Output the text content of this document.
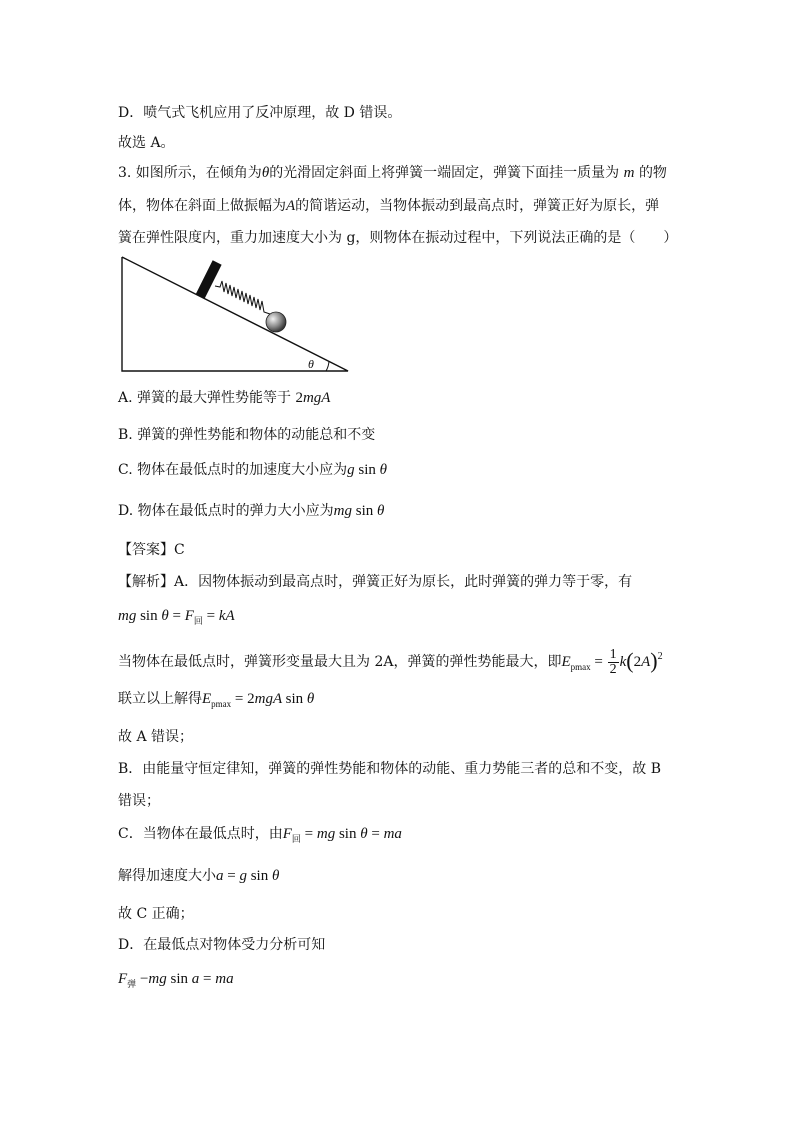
D．喷气式飞机应用了反冲原理，故 D 错误。
故选 A。
3. 如图所示，在倾角为θ的光滑固定斜面上将弹簧一端固定，弹簧下面挂一质量为 m 的物
体，物体在斜面上做振幅为A的简谐运动，当物体振动到最高点时，弹簧正好为原长，弹
簧在弹性限度内，重力加速度大小为 g，则物体在振动过程中，下列说法正确的是（　　）
θ
A. 弹簧的最大弹性势能等于 2mgA
B. 弹簧的弹性势能和物体的动能总和不变
C. 物体在最低点时的加速度大小应为g sin θ
D. 物体在最低点时的弹力大小应为mg sin θ
【答案】C
【解析】A．因物体振动到最高点时，弹簧正好为原长，此时弹簧的弹力等于零，有
mg $\sin \theta = F_回$ = kA
当物体在最低点时，弹簧形变量最大且为 2A，弹簧的弹性势能最大，即$E_{pmax} = \frac{1}{2} k(2A)^2$
联立以上解得$E_{pmax} = 2mgA$ sin θ
故 A 错误；
B．由能量守恒定律知，弹簧的弹性势能和物体的动能、重力势能三者的总和不变，故 B
错误；
C．当物体在最低点时，由$F_回$ = mg sin θ = ma
解得加速度大小a = g sin θ
故 C 正确；
D．在最低点对物体受力分析可知
$F_弹 -mg$ sin a = ma
